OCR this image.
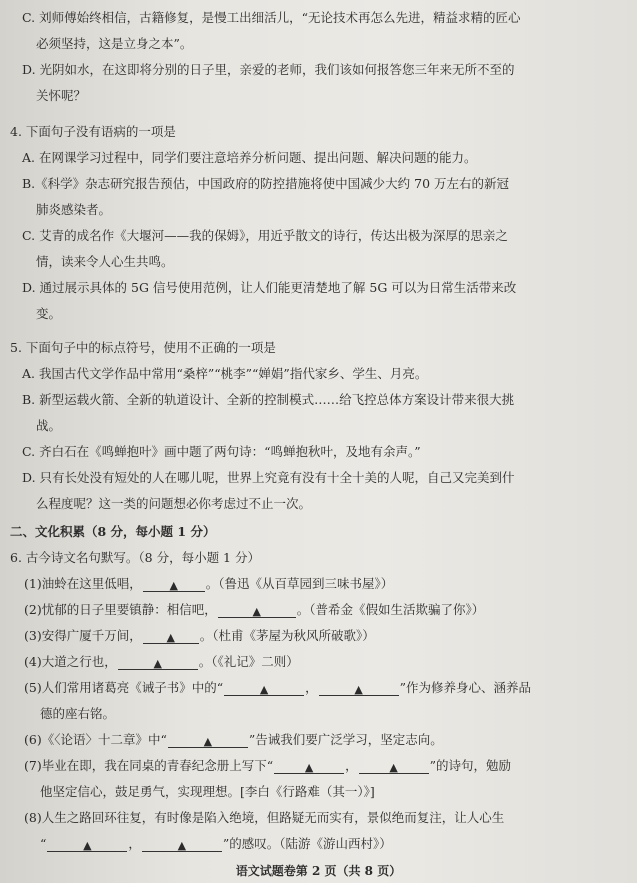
C. 刘师傅始终相信，古籍修复，是慢工出细活儿，“无论技术再怎么先进，精益求精的匠心
必须坚持，这是立身之本”。
D. 光阴如水，在这即将分别的日子里，亲爱的老师，我们该如何报答您三年来无所不至的
关怀呢？
4. 下面句子没有语病的一项是
A. 在网课学习过程中，同学们要注意培养分析问题、提出问题、解决问题的能力。
B.《科学》杂志研究报告预估，中国政府的防控措施将使中国减少大约 70 万左右的新冠
肺炎感染者。
C. 艾青的成名作《大堰河——我的保姆》，用近乎散文的诗行，传达出极为深厚的思亲之
情，读来令人心生共鸣。
D. 通过展示具体的 5G 信号使用范例，让人们能更清楚地了解 5G 可以为日常生活带来改
变。
5. 下面句子中的标点符号，使用不正确的一项是
A. 我国古代文学作品中常用“桑梓”“桃李”“婵娟”指代家乡、学生、月亮。
B. 新型运载火箭、全新的轨道设计、全新的控制模式……给飞控总体方案设计带来很大挑
战。
C. 齐白石在《鸣蝉抱叶》画中题了两句诗：“鸣蝉抱秋叶，及地有余声。”
D. 只有长处没有短处的人在哪儿呢，世界上究竟有没有十全十美的人呢，自己又完美到什
么程度呢？这一类的问题想必你考虑过不止一次。
二、文化积累（8 分，每小题 1 分）
6. 古今诗文名句默写。（8 分，每小题 1 分）
(1)油蛉在这里低唱，	▲ 。（鲁迅《从百草园到三味书屋》）
(2)忧郁的日子里要镇静：相信吧，	▲	。（普希金《假如生活欺骗了你》）
(3)安得广厦千万间， ▲ 。（杜甫《茅屋为秋风所破歌》）
(4)大道之行也，	▲	。（《礼记》二则）
(5)人们常用诸葛亮《诫子书》中的“	▲	，	▲	”作为修养身心、涵养品
德的座右铭。
(6)《〈论语〉十二章》中“	▲	”告诫我们要广泛学习，坚定志向。
(7)毕业在即，我在同桌的青春纪念册上写下“	▲	，	▲	”的诗句，勉励
他坚定信心，鼓足勇气，实现理想。[李白《行路难（其一）》]
(8)人生之路回环往复，有时像是陷入绝境，但路疑无而实有，景似绝而复注，让人心生
“	▲	，	▲	”的感叹。（陆游《游山西村》）
语文试题卷第 2 页（共 8 页）
